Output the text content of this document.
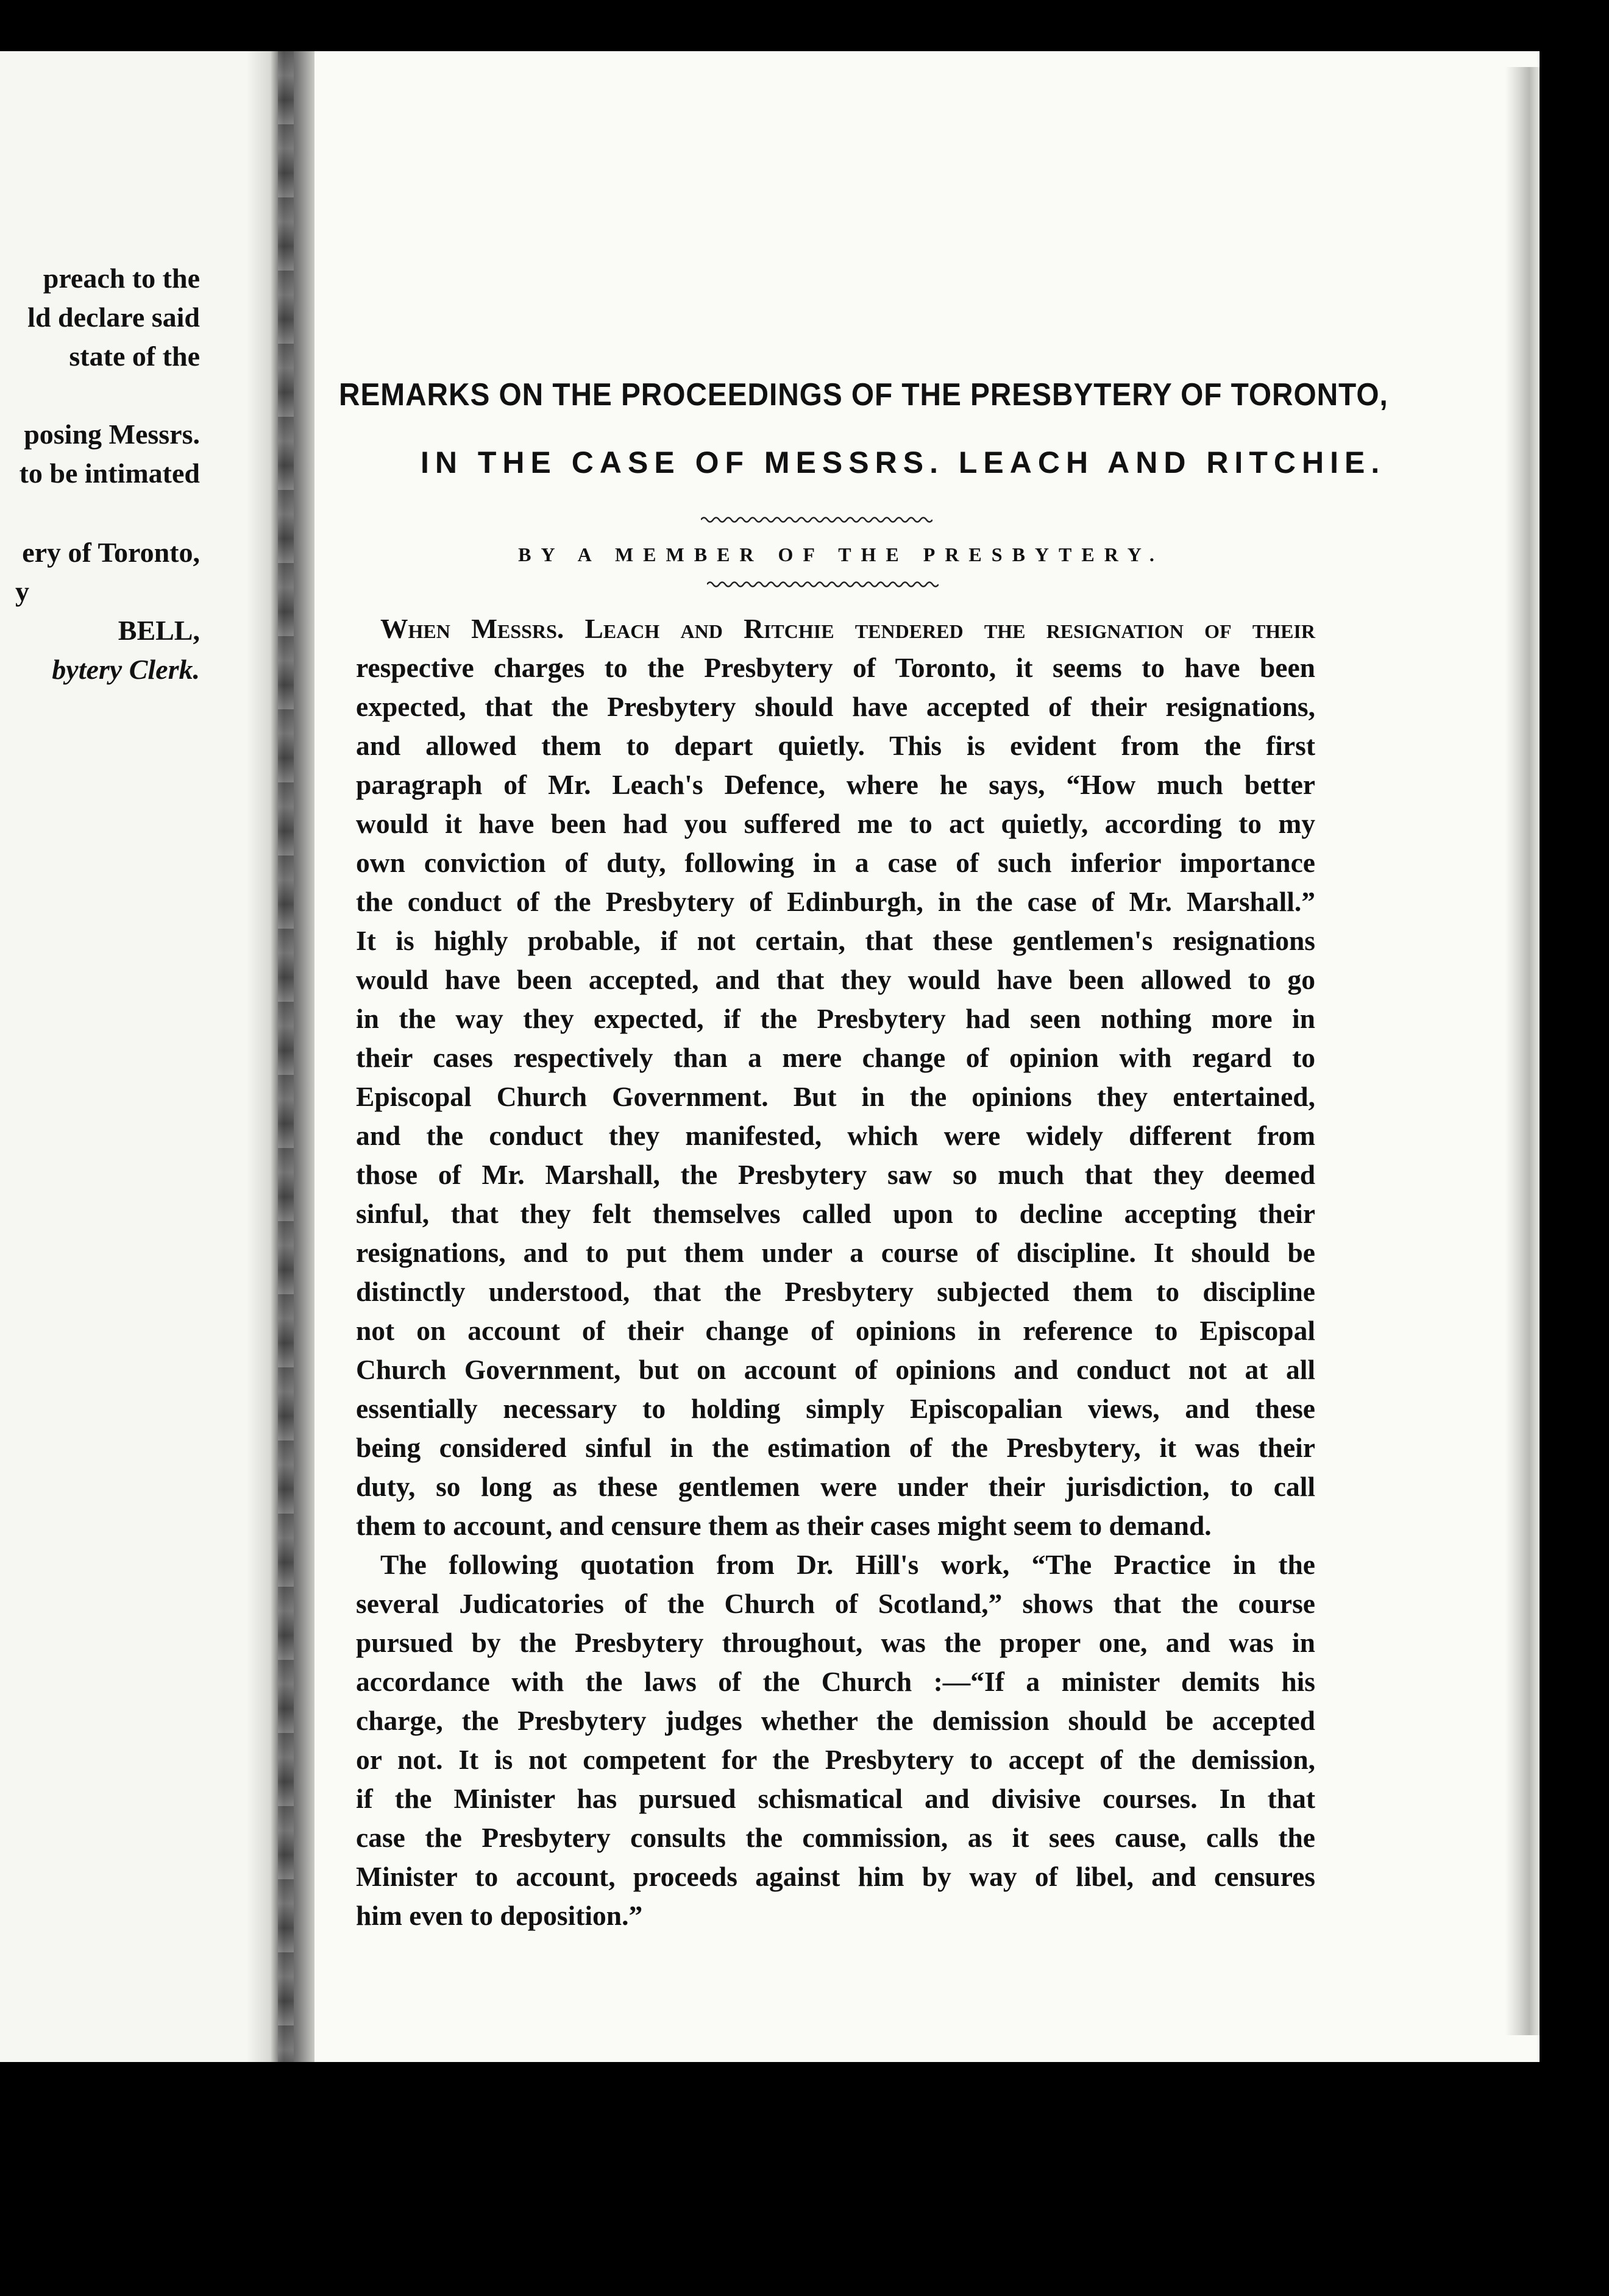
preach to the
ld declare said
state of the
posing Messrs.
to be intimated
ery of Toronto,
y
BELL,
bytery Clerk.
REMARKS ON THE PROCEEDINGS OF THE PRESBYTERY OF TORONTO,
IN THE CASE OF MESSRS. LEACH AND RITCHIE.
BY A MEMBER OF THE PRESBYTERY.
When Messrs. Leach and Ritchie tendered the resignation of their
respective charges to the Presbytery of Toronto, it seems to have been
expected, that the Presbytery should have accepted of their resignations,
and allowed them to depart quietly. This is evident from the first
paragraph of Mr. Leach's Defence, where he says, “How much better
would it have been had you suffered me to act quietly, according to my
own conviction of duty, following in a case of such inferior importance
the conduct of the Presbytery of Edinburgh, in the case of Mr. Marshall.”
It is highly probable, if not certain, that these gentlemen's resignations
would have been accepted, and that they would have been allowed to go
in the way they expected, if the Presbytery had seen nothing more in
their cases respectively than a mere change of opinion with regard to
Episcopal Church Government. But in the opinions they entertained,
and the conduct they manifested, which were widely different from
those of Mr. Marshall, the Presbytery saw so much that they deemed
sinful, that they felt themselves called upon to decline accepting their
resignations, and to put them under a course of discipline. It should be
distinctly understood, that the Presbytery subjected them to discipline
not on account of their change of opinions in reference to Episcopal
Church Government, but on account of opinions and conduct not at all
essentially necessary to holding simply Episcopalian views, and these
being considered sinful in the estimation of the Presbytery, it was their
duty, so long as these gentlemen were under their jurisdiction, to call
them to account, and censure them as their cases might seem to demand.
The following quotation from Dr. Hill's work, “The Practice in the
several Judicatories of the Church of Scotland,” shows that the course
pursued by the Presbytery throughout, was the proper one, and was in
accordance with the laws of the Church :—“If a minister demits his
charge, the Presbytery judges whether the demission should be accepted
or not. It is not competent for the Presbytery to accept of the demission,
if the Minister has pursued schismatical and divisive courses. In that
case the Presbytery consults the commission, as it sees cause, calls the
Minister to account, proceeds against him by way of libel, and censures
him even to deposition.”
